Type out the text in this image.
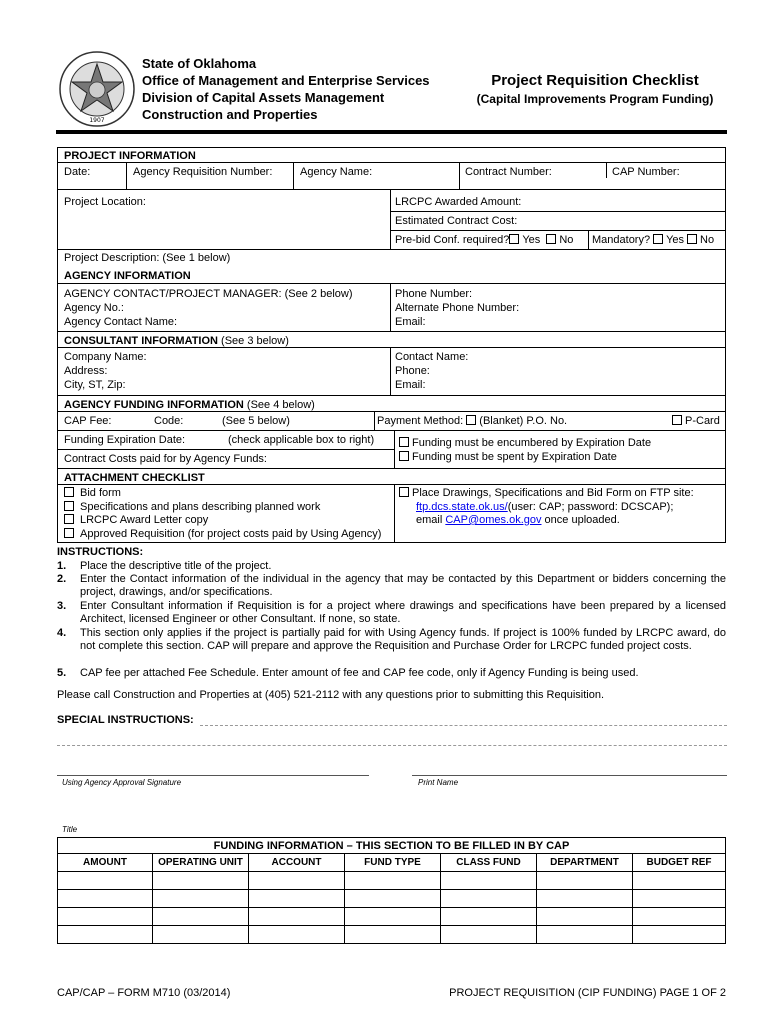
1907
State of Oklahoma
Office of Management and Enterprise Services
Division of Capital Assets Management
Construction and Properties
Project Requisition Checklist
(Capital Improvements Program Funding)
PROJECT INFORMATION
Date:	Agency Requisition Number:	Agency Name:	Contract Number:	CAP Number:
Project Location:	LRCPC Awarded Amount:
Estimated Contract Cost:
Pre-bid Conf. required? Yes No Mandatory? Yes No
Project Description: (See 1 below)
AGENCY INFORMATION
AGENCY CONTACT/PROJECT MANAGER: (See 2 below)
Agency No.:
Agency Contact Name:
Phone Number:
Alternate Phone Number:
Email:
CONSULTANT INFORMATION (See 3 below)
Company Name:
Address:
City, ST, Zip:
Contact Name:
Phone:
Email:
AGENCY FUNDING INFORMATION (See 4 below)
CAP Fee:	Code:	(See 5 below)	Payment Method: (Blanket) P.O. No.	P-Card
Funding Expiration Date:	(check applicable box to right)	Funding must be encumbered by Expiration Date
Contract Costs paid for by Agency Funds:	Funding must be spent by Expiration Date
ATTACHMENT CHECKLIST
Bid form
Specifications and plans describing planned work
LRCPC Award Letter copy
Approved Requisition (for project costs paid by Using Agency)
Place Drawings, Specifications and Bid Form on FTP site:
ftp.dcs.state.ok.us/(user: CAP; password: DCSCAP);
email CAP@omes.ok.gov once uploaded.
INSTRUCTIONS:
1. Place the descriptive title of the project.
2. Enter the Contact information of the individual in the agency that may be contacted by this Department or bidders concerning the project, drawings, and/or specifications.
3. Enter Consultant information if Requisition is for a project where drawings and specifications have been prepared by a licensed Architect, licensed Engineer or other Consultant. If none, so state.
4. This section only applies if the project is partially paid for with Using Agency funds. If project is 100% funded by LRCPC award, do not complete this section. CAP will prepare and approve the Requisition and Purchase Order for LRCPC funded project costs.
5. CAP fee per attached Fee Schedule. Enter amount of fee and CAP fee code, only if Agency Funding is being used.
Please call Construction and Properties at (405) 521-2112 with any questions prior to submitting this Requisition.
SPECIAL INSTRUCTIONS:
Using Agency Approval Signature	Print Name
Title
FUNDING INFORMATION – THIS SECTION TO BE FILLED IN BY CAP						
AMOUNT	OPERATING UNIT	ACCOUNT	FUND TYPE	CLASS FUND	DEPARTMENT	BUDGET REF

CAP/CAP – FORM M710 (03/2014)	PROJECT REQUISITION (CIP FUNDING) PAGE 1 OF 2
